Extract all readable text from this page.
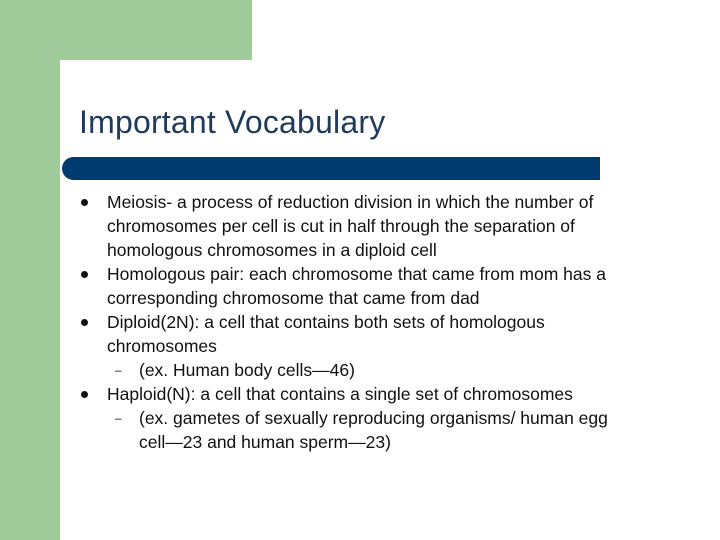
Important Vocabulary
Meiosis- a process of reduction division in which the number of
chromosomes per cell is cut in half through the separation of
homologous chromosomes in a diploid cell
Homologous pair: each chromosome that came from mom has a
corresponding chromosome that came from dad
Diploid(2N): a cell that contains both sets of homologous
chromosomes
– (ex. Human body cells—46)
Haploid(N): a cell that contains a single set of chromosomes
– (ex. gametes of sexually reproducing organisms/ human egg
cell—23 and human sperm—23)
